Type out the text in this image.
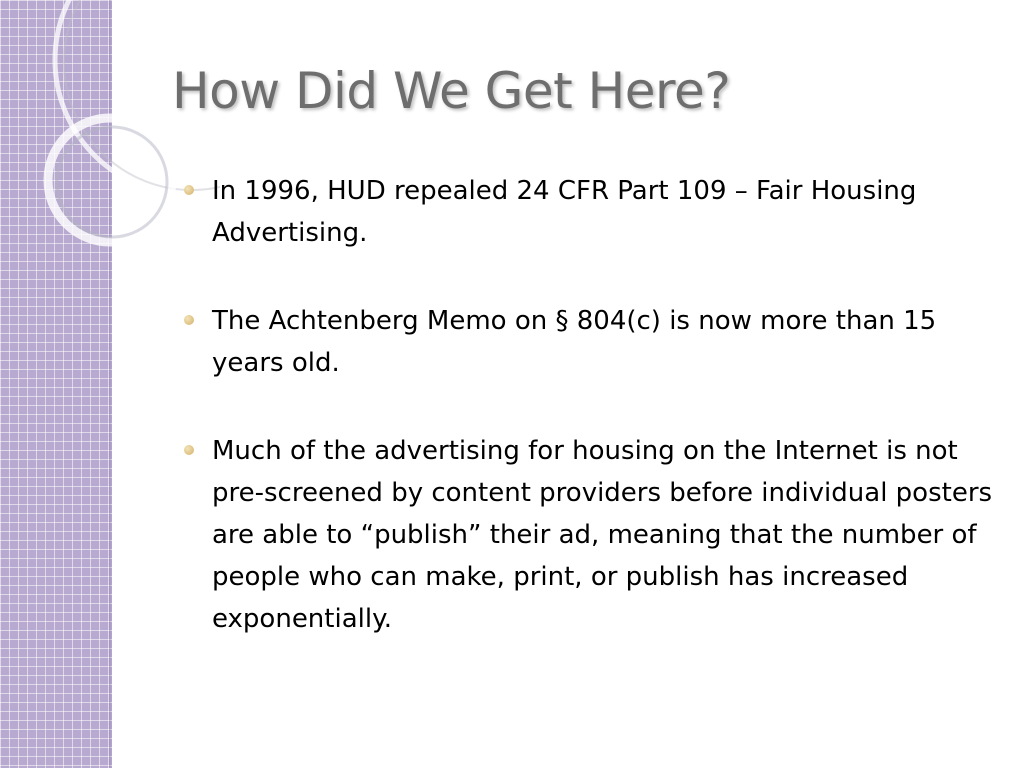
How Did We Get Here?
In 1996, HUD repealed 24 CFR Part 109 – Fair Housing Advertising.
The Achtenberg Memo on § 804(c) is now more than 15 years old.
Much of the advertising for housing on the Internet is not pre-screened by content providers before individual posters are able to “publish” their ad, meaning that the number of people who can make, print, or publish has increased exponentially.
